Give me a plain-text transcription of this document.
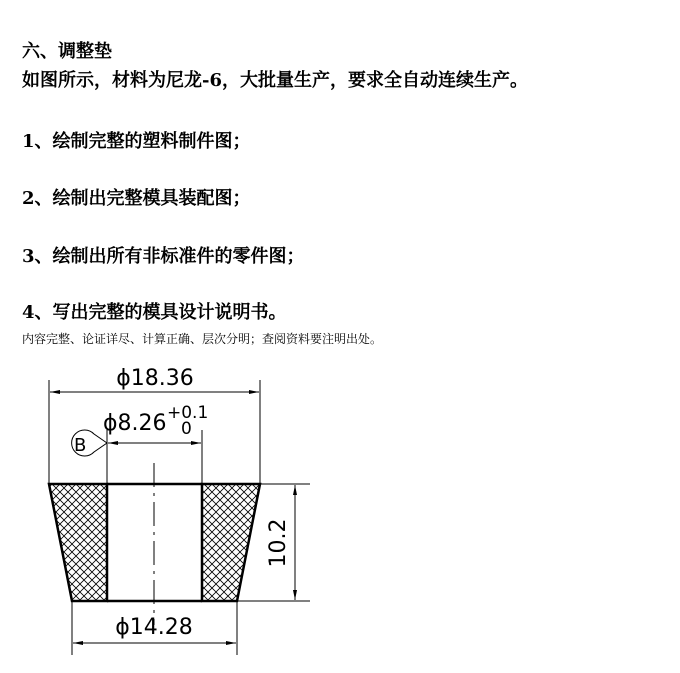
六、调整垫
如图所示，材料为尼龙-6，大批量生产，要求全自动连续生产。
1、绘制完整的塑料制件图；
2、绘制出完整模具装配图；
3、绘制出所有非标准件的零件图；
4、写出完整的模具设计说明书。
内容完整、论证详尽、计算正确、层次分明；查阅资料要注明出处。
ϕ18.36
ϕ8.26 +0.1
0
B
10.2
ϕ14.28
